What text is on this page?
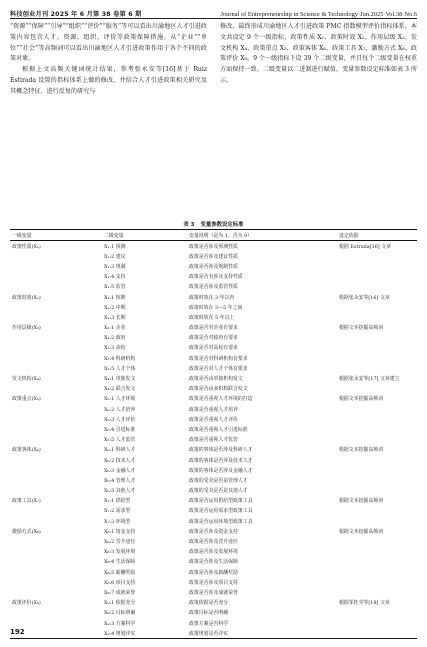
科技创业月刊 2025 年 6 月第 38 卷第 6 期	Journal of Entrepreneurship in Science & Technology·Jun.2025·Vol.38·No.6

“资源”“保障”“引导”“组织”“评价”“服务”等可以看出川渝地区人才引进政策内容包含人才、资源、组织、评价等政策保障措施。从“企业”“单位”“社会”等高频词可以看出川渝地区人才引进政策作用于各个不同的政策对象。

根据上文高频关键词统计结果，参考张永安等[16]基于 Ruiz Estirada 设置的指标体系上做的修改，并结合人才引进政策相关研究及其概念特征，进行反复的研究与

修改，最终形成川渝地区人才引进政策 PMC 指数模型评价指标体系。本文共设定 9 个一级指标，政策性质 X₁、政策时效 X₂、作用层级 X₃、发文机构 X₄、政策重点 X₅、政策客体 X₆、政策工具 X₇、激励方式 X₈、政策评价 X₉。9 个一级指标下设 39 个二级变量，并且每个二级变量在权重方面保持一致。二级变量以二进制进行赋值，变量参数设定标准如表 3 所示。

表 3 变量参数设定标准
一级变量	二级变量	变量说明（是为 1，否为 0）	设定依据
政策性质(X₁)	X₁:1 预测	政策是否涉及预测性质	根据 Estrada[16] 文章
	X₁:2 建议	政策是否涉及建议性质	
	X₁:3 规制	政策是否涉及规制性质	
	X₁:4 支持	政策是否有涉及支持性质	
	X₁:5 监管	政策是否涉及监管性质	
政策时效(X₂)	X₂:1 短期	政策时效在 3 年以内	根据张永安等[16] 文章
	X₂:2 中期	政策时效在 3—5 年之间	
	X₂:3 长期	政策时效在 5 年以上	
作用层级(X₃)	X₃:1 企业	政策是否对企业有要求	根据文本挖掘高频词
	X₃:2 政府	政策是否对政府有要求	
	X₃:3 高校	政策是否对高校有要求	
	X₃:4 科研机构	政策是否对科研机构有要求	
	X₃:5 人才个体	政策是否对人才个体有要求	
发文机构(X₄)	X₄:1 单独发文	政策是否由单独机构发文	根据张永安等[17] 文章建立
	X₄:2 联合发文	政策是否由多机构联合发文	
政策重点(X₅)	X₅:1 人才环境	政策是否重视人才环境的打造	根据文本挖掘高频词
	X₅:2 人才培养	政策是否重视人才培养	
	X₅:3 人才评价	政策是否重视人才评价	
	X₅:4 引进标准	政策是否重视人才引进标准	
	X₅:5 人才监管	政策是否重视人才监管	
政策客体(X₆)	X₆:1 科研人才	政策的客体是否涉及科研人才	根据文本挖掘高频词
	X₆:2 技术人才	政策的客体是否涉及技术人才	
	X₆:3 金融人才	政策的客体是否涉及金融人才	
	X₆:4 管理人才	政策的受众是否是管理人才	
	X₆:5 其他人才	政策的受众是否是其他人才	
政策工具(X₇)	X₇:1 供给型	政策是否运用供给型政策工具	根据文本挖掘高频词
	X₇:2 需求型	政策是否运用需求型政策工具	
	X₇:3 环境型	政策是否运用环境型政策工具	
激励方式(X₈)	X₈:1 资金支持	政策是否涉及资金支持	根据文本挖掘高频词
	X₈:2 晋升途径	政策是否涉及晋升途径	
	X₈:3 发展环境	政策是否涉及发展环境	
	X₈:4 生活保障	政策是否涉及生活保障	
	X₈:5 薪酬奖励	政策是否涉及薪酬奖励	
	X₈:6 项目支持	政策是否涉及项目支持	
	X₈:7 成就荣誉	政策是否涉及成就荣誉	
政策评价(X₉)	X₉:1 依据充分	政策依据是否充分	根据邹钰莹等[18] 文章
	X₉:2 目标明确	政策目标是否明确	
	X₉:3 方案科学	政策方案是否科学	
	X₉:4 规划详实	政策规划是否详实	
192
